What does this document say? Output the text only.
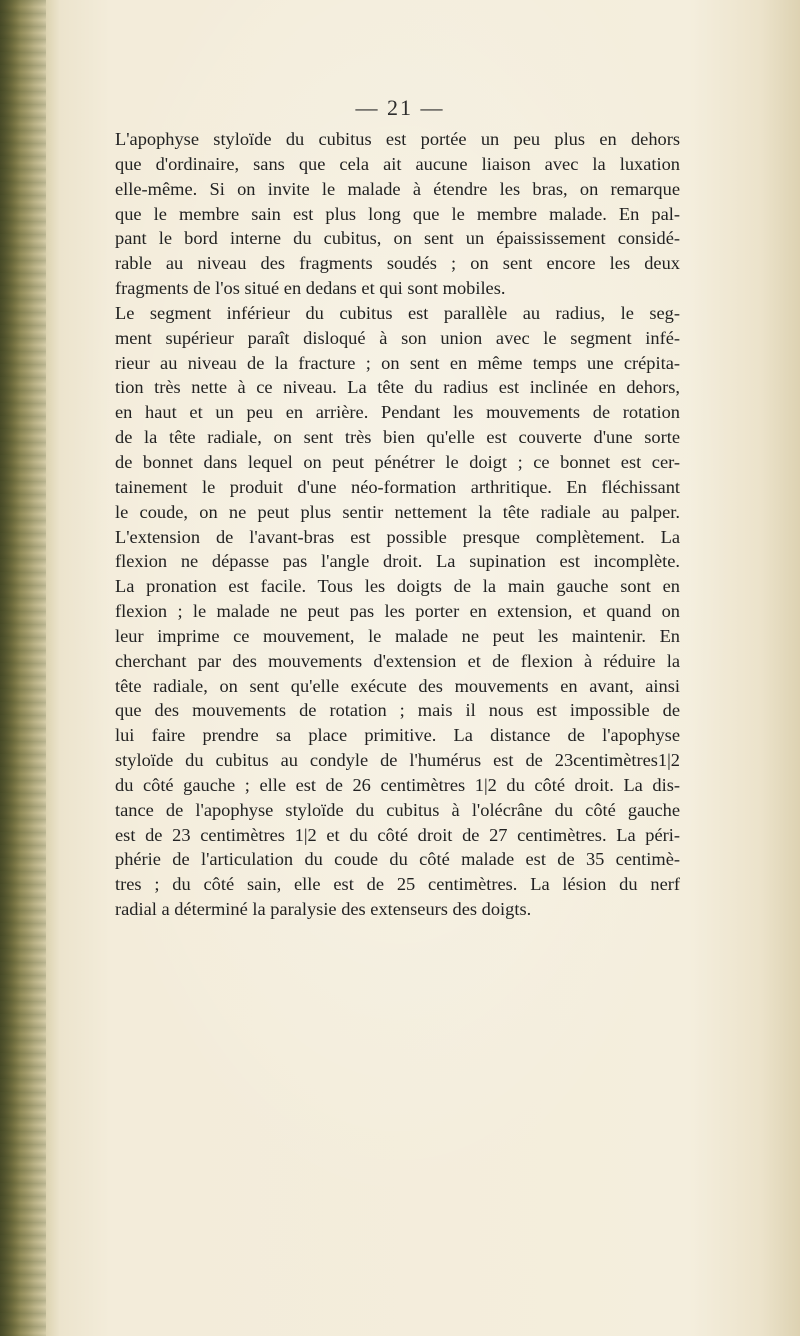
— 21 —
L'apophyse styloïde du cubitus est portée un peu plus en dehors
que d'ordinaire, sans que cela ait aucune liaison avec la luxation
elle-même. Si on invite le malade à étendre les bras, on remarque
que le membre sain est plus long que le membre malade. En pal-
pant le bord interne du cubitus, on sent un épaississement considé-
rable au niveau des fragments soudés ; on sent encore les deux
fragments de l'os situé en dedans et qui sont mobiles.
Le segment inférieur du cubitus est parallèle au radius, le seg-
ment supérieur paraît disloqué à son union avec le segment infé-
rieur au niveau de la fracture ; on sent en même temps une crépita-
tion très nette à ce niveau. La tête du radius est inclinée en dehors,
en haut et un peu en arrière. Pendant les mouvements de rotation
de la tête radiale, on sent très bien qu'elle est couverte d'une sorte
de bonnet dans lequel on peut pénétrer le doigt ; ce bonnet est cer-
tainement le produit d'une néo-formation arthritique. En fléchissant
le coude, on ne peut plus sentir nettement la tête radiale au palper.
L'extension de l'avant-bras est possible presque complètement. La
flexion ne dépasse pas l'angle droit. La supination est incomplète.
La pronation est facile. Tous les doigts de la main gauche sont en
flexion ; le malade ne peut pas les porter en extension, et quand on
leur imprime ce mouvement, le malade ne peut les maintenir. En
cherchant par des mouvements d'extension et de flexion à réduire la
tête radiale, on sent qu'elle exécute des mouvements en avant, ainsi
que des mouvements de rotation ; mais il nous est impossible de
lui faire prendre sa place primitive. La distance de l'apophyse
styloïde du cubitus au condyle de l'humérus est de 23centimètres1|2
du côté gauche ; elle est de 26 centimètres 1|2 du côté droit. La dis-
tance de l'apophyse styloïde du cubitus à l'olécrâne du côté gauche
est de 23 centimètres 1|2 et du côté droit de 27 centimètres. La péri-
phérie de l'articulation du coude du côté malade est de 35 centimè-
tres ; du côté sain, elle est de 25 centimètres. La lésion du nerf
radial a déterminé la paralysie des extenseurs des doigts.
